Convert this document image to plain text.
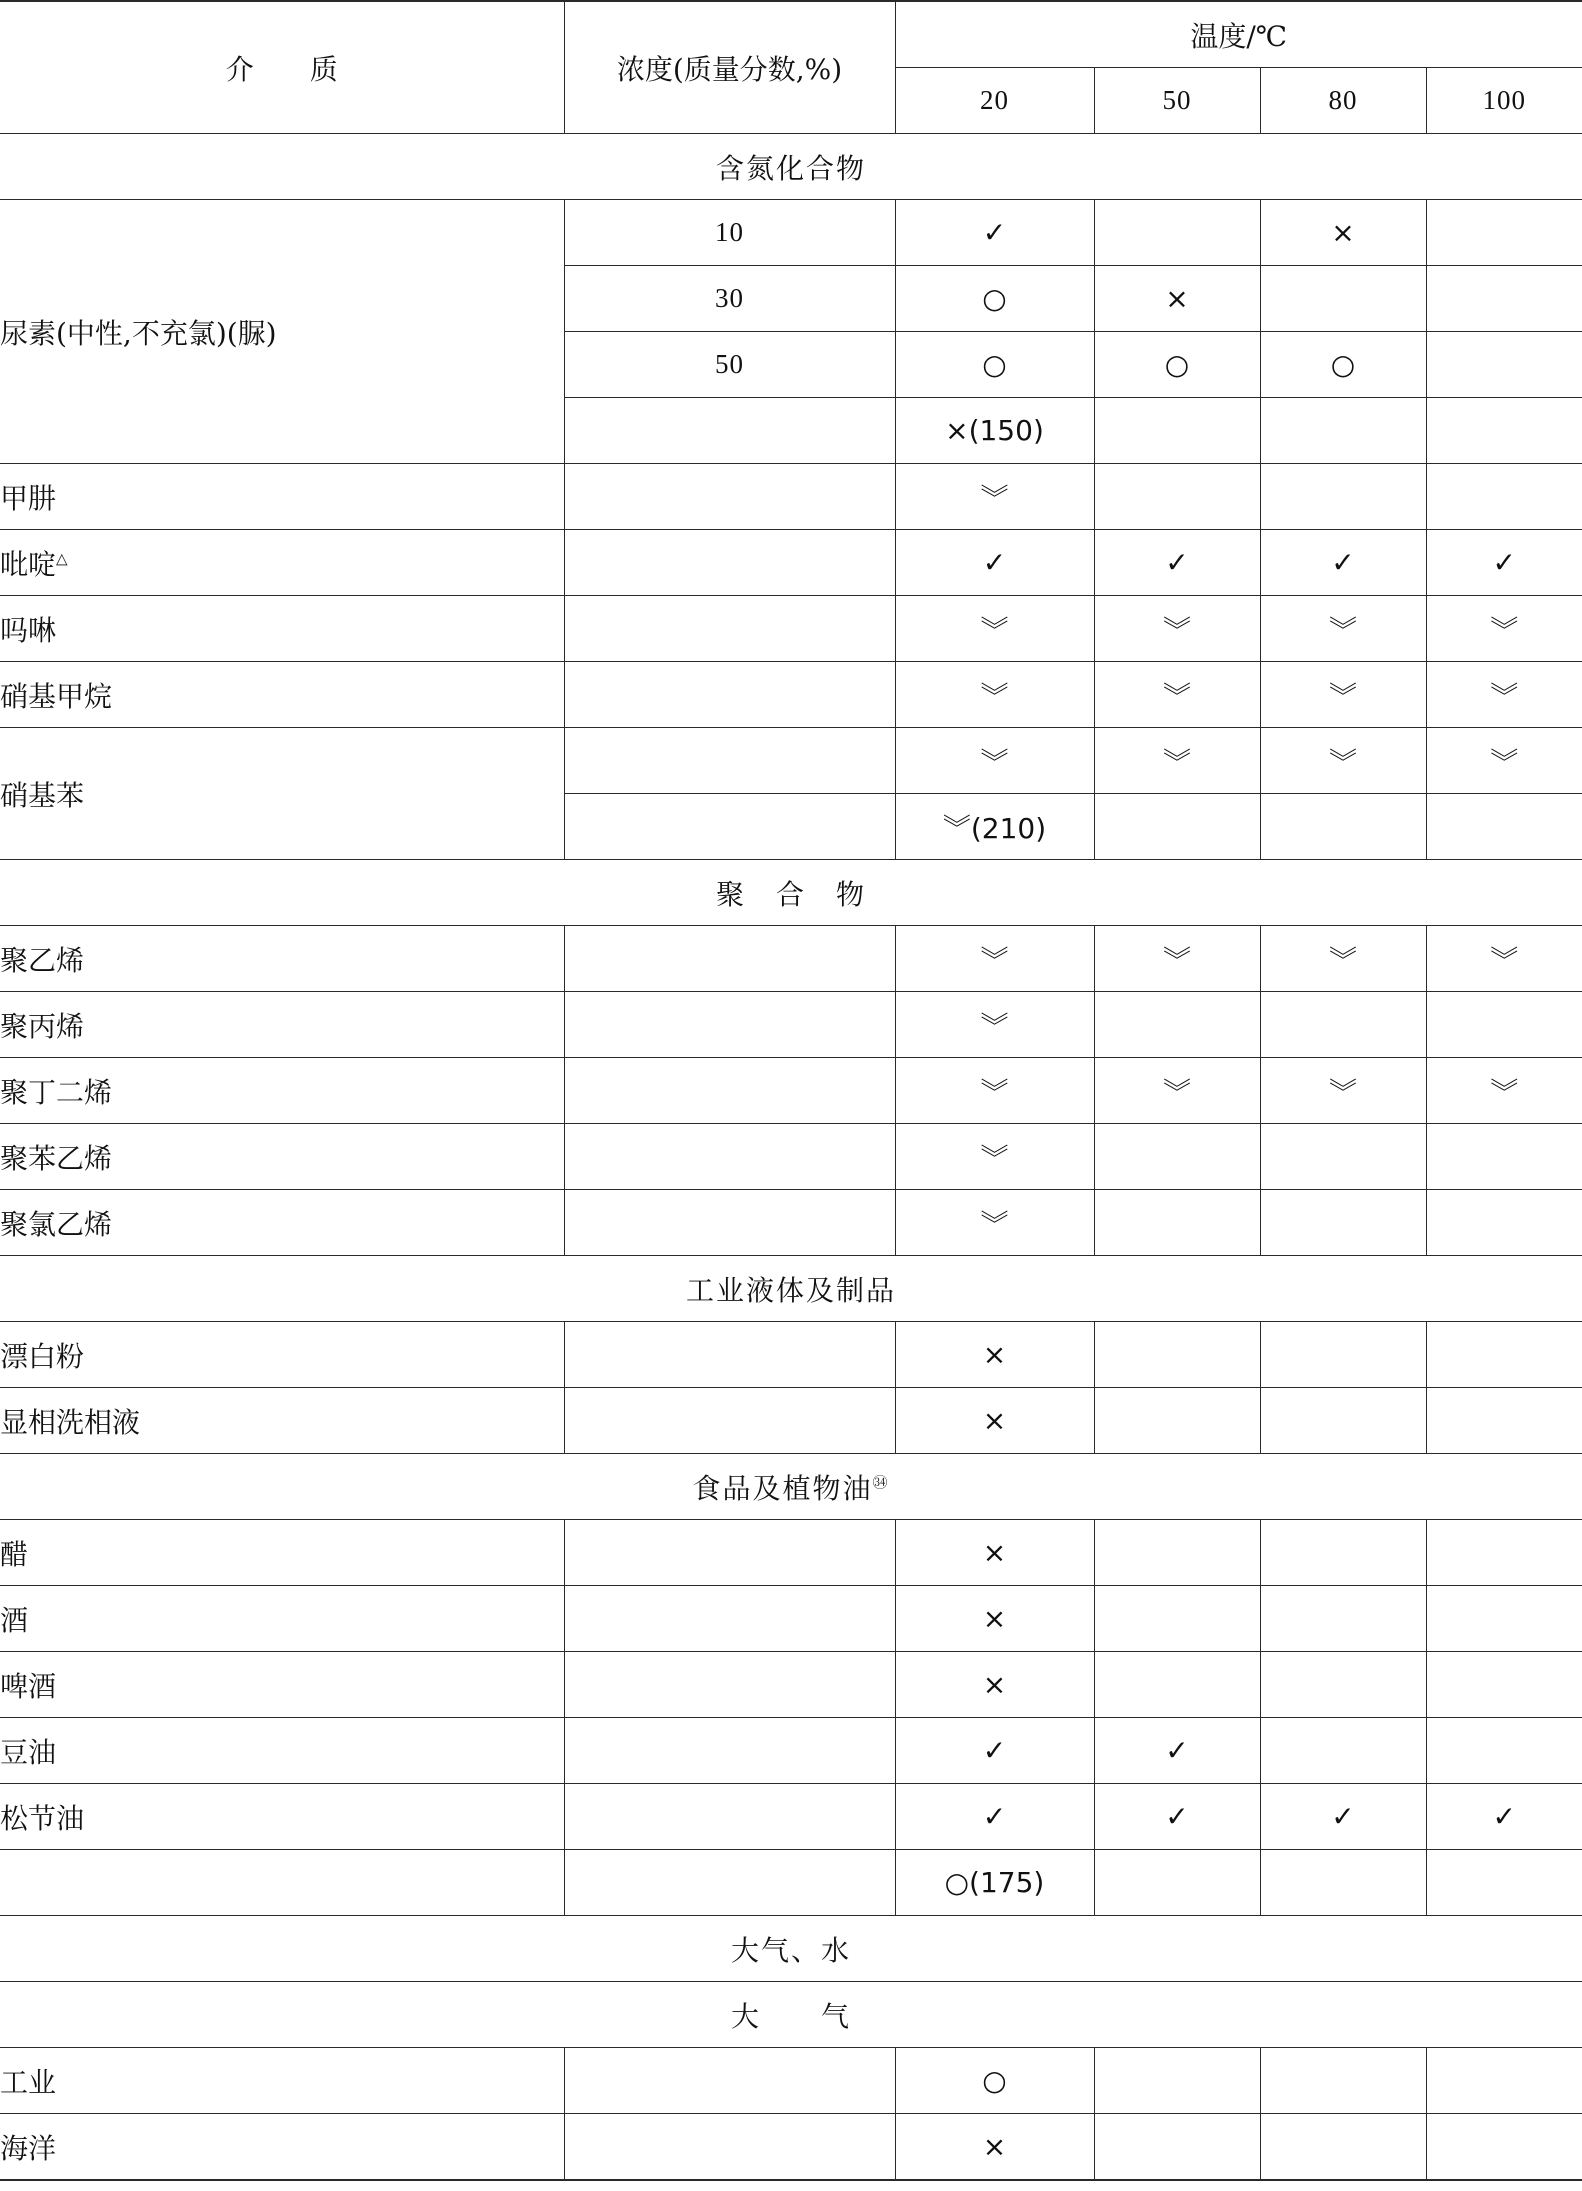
介　　质	浓度(质量分数,%)	温度/℃			
		20	50	80	100
含氮化合物					
尿素(中性,不充氯)(脲)	10	✓		×	
	30	○	×		
	50	○	○	○	
		×(150)			
甲肼		︾			
吡啶△		✓	✓	✓	✓
吗啉		︾	︾	︾	︾
硝基甲烷		︾	︾	︾	︾
硝基苯		︾	︾	︾	︾
		︾(210)			
聚　合　物					
聚乙烯		︾	︾	︾	︾
聚丙烯		︾			
聚丁二烯		︾	︾	︾	︾
聚苯乙烯		︾			
聚氯乙烯		︾			
工业液体及制品					
漂白粉		×			
显相洗相液		×			
食品及植物油$^㉞$
醋		×			
酒		×			
啤酒		×			
豆油		✓	✓		
松节油		✓	✓	✓	✓
		○(175)			
大气、水					
大　　气					
工业		○			
海洋		×			
